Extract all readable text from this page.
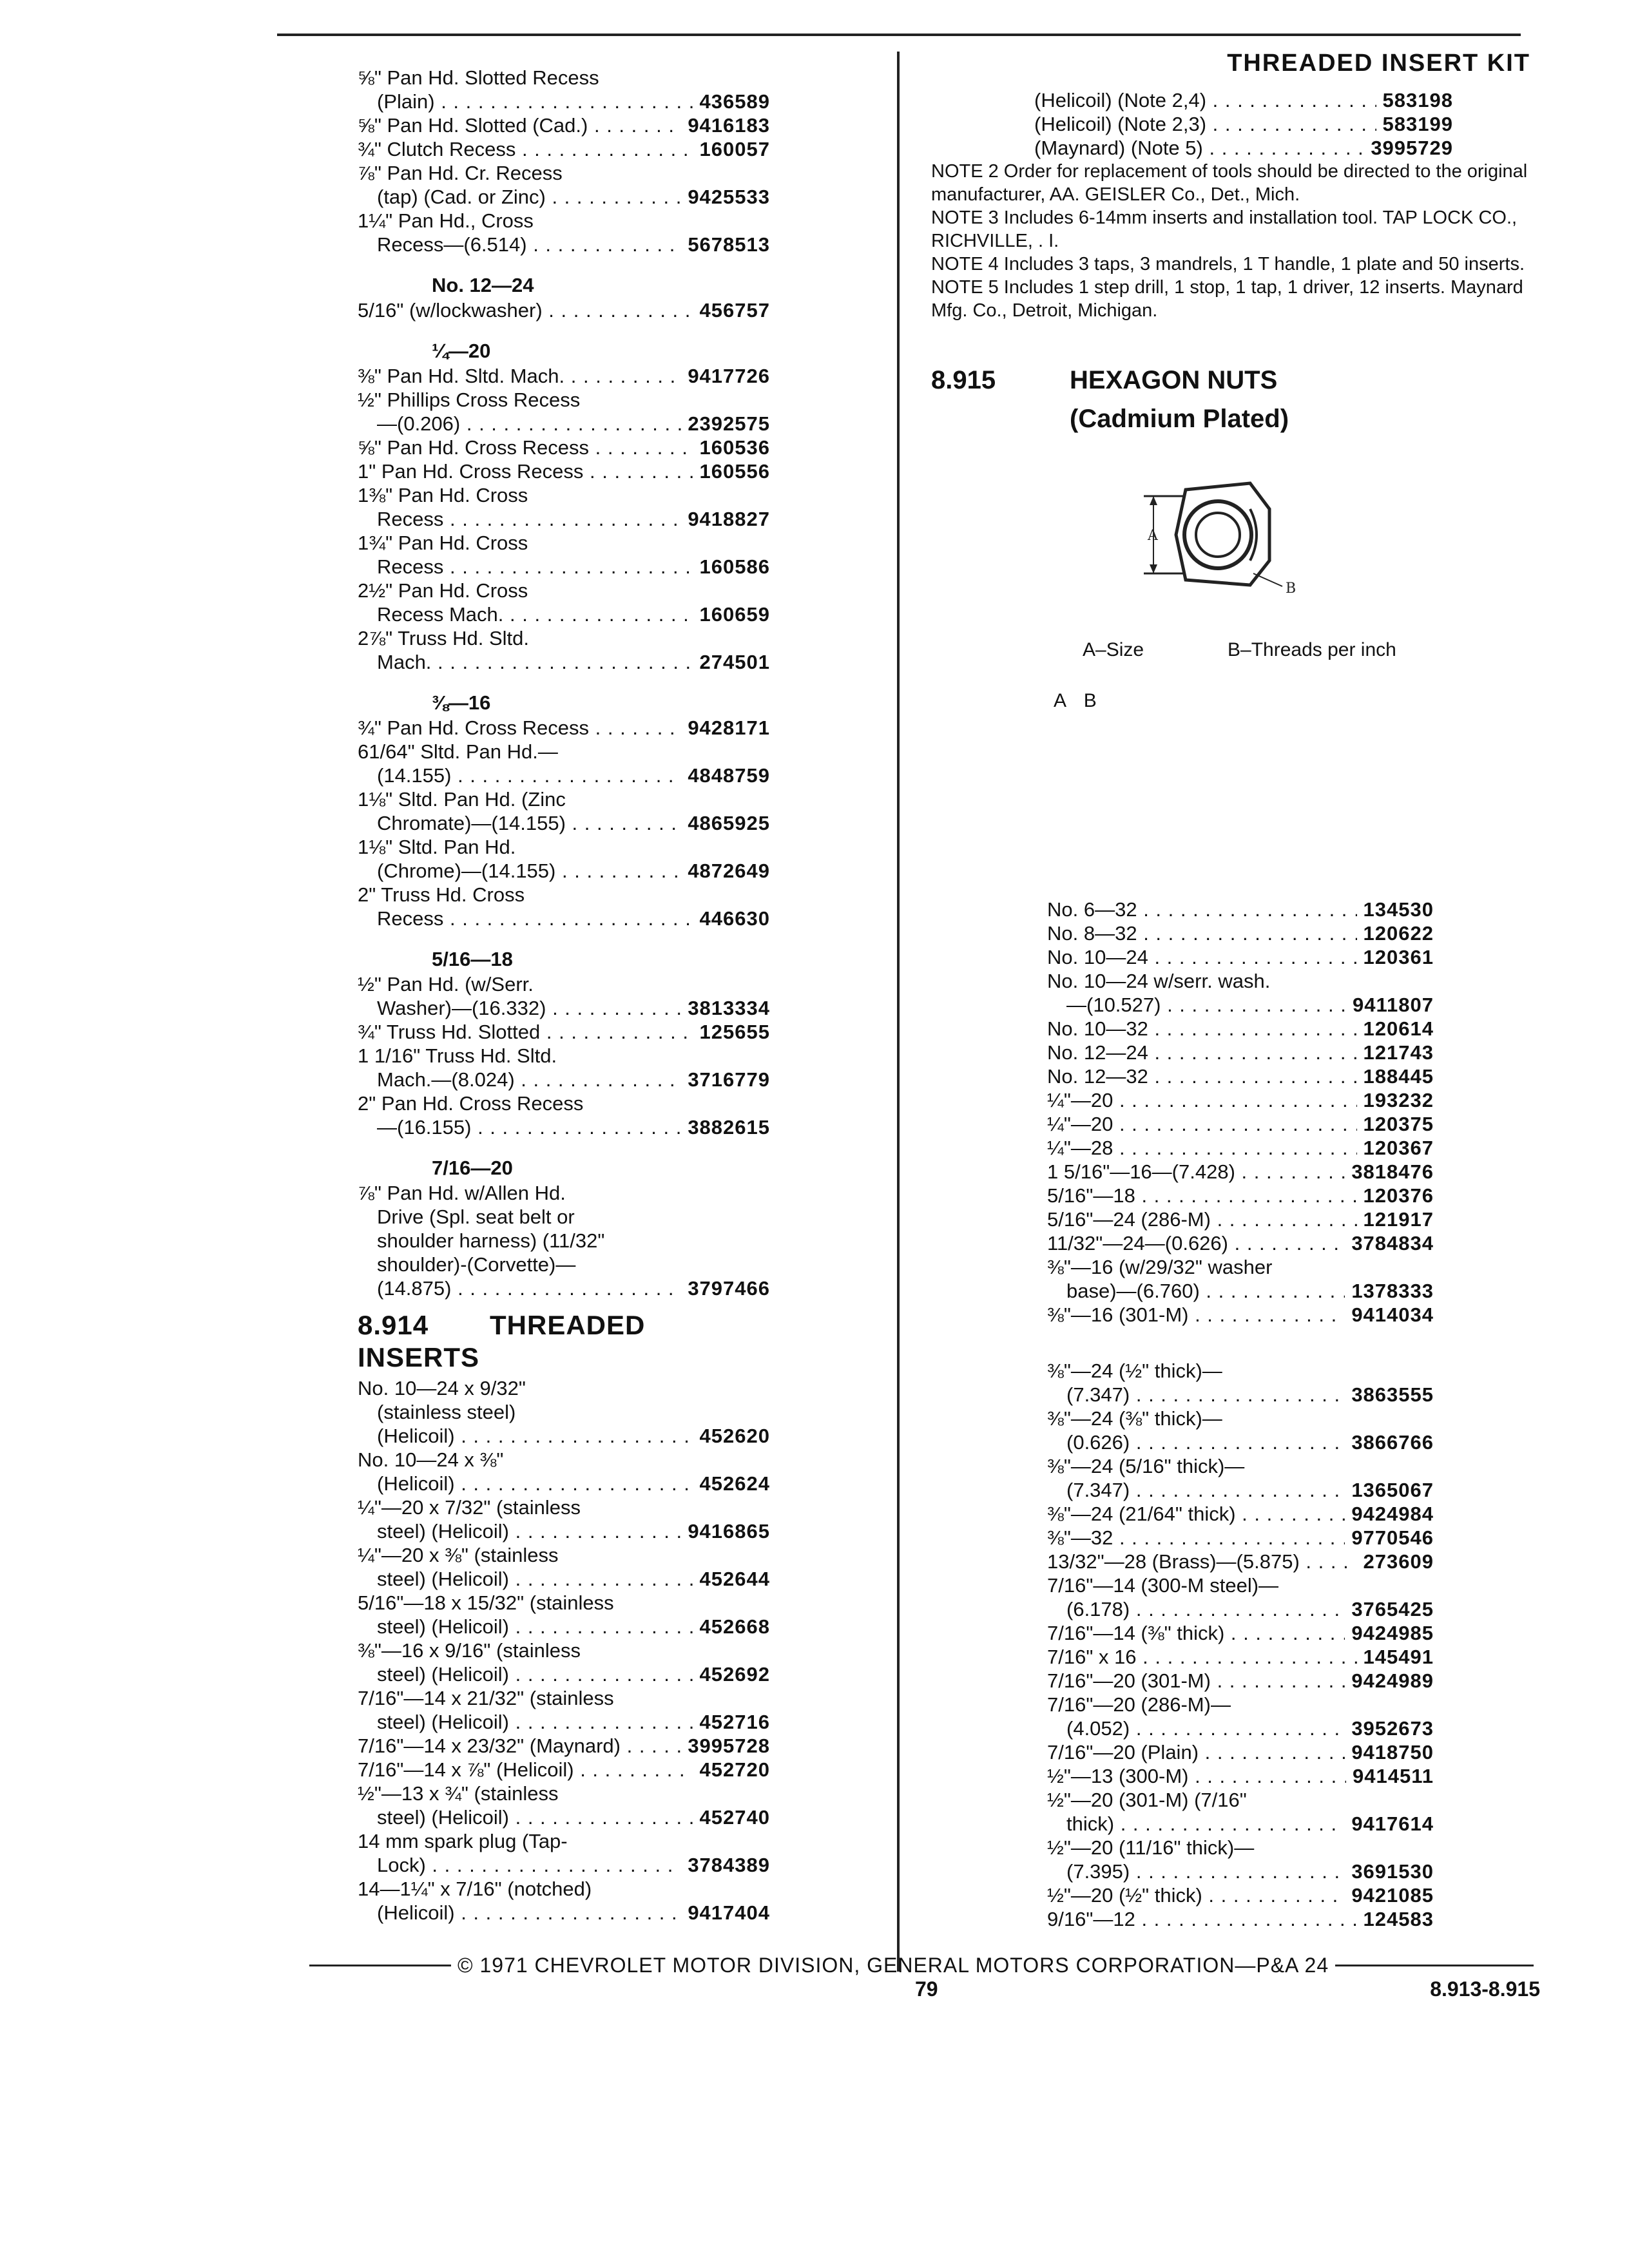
⅝" Pan Hd. Slotted Recess
(Plain) . . .	436589
⅝" Pan Hd. Slotted (Cad.) . . .	9416183
¾" Clutch Recess . . .	160057
⅞" Pan Hd. Cr. Recess
(tap) (Cad. or Zinc) . . .	9425533
1¼" Pan Hd., Cross
Recess—(6.514) . . .	5678513
No. 12—24
5/16" (w/lockwasher) . . .	456757
¼—20
⅜" Pan Hd. Sltd. Mach. . . .	9417726
½" Phillips Cross Recess
—(0.206) . . .	2392575
⅝" Pan Hd. Cross Recess . . .	160536
1" Pan Hd. Cross Recess . . .	160556
1⅜" Pan Hd. Cross
Recess . . .	9418827
1¾" Pan Hd. Cross
Recess . . .	160586
2½" Pan Hd. Cross
Recess Mach. . . .	160659
2⅞" Truss Hd. Sltd.
Mach. . . .	274501
⅜—16
¾" Pan Hd. Cross Recess . . .	9428171
61/64" Sltd. Pan Hd.—
(14.155) . . .	4848759
1⅛" Sltd. Pan Hd. (Zinc
Chromate)—(14.155) . . .	4865925
1⅛" Sltd. Pan Hd.
(Chrome)—(14.155) . . .	4872649
2" Truss Hd. Cross
Recess . . .	446630
5/16—18
½" Pan Hd. (w/Serr.
Washer)—(16.332) . . .	3813334
¾" Truss Hd. Slotted . . .	125655
1 1/16" Truss Hd. Sltd.
Mach.—(8.024) . . .	3716779
2" Pan Hd. Cross Recess
—(16.155) . . .	3882615
7/16—20
⅞" Pan Hd. w/Allen Hd.
Drive (Spl. seat belt or
shoulder harness) (11/32"
shoulder)-(Corvette)—
(14.875) . . .	3797466
8.914 THREADED INSERTS
No. 10—24 x 9/32"
(stainless steel)
(Helicoil) . . .	452620
No. 10—24 x ⅜"
(Helicoil) . . .	452624
¼"—20 x 7/32" (stainless
steel) (Helicoil) . . .	9416865
¼"—20 x ⅜" (stainless
steel) (Helicoil) . . .	452644
5/16"—18 x 15/32" (stainless
steel) (Helicoil) . . .	452668
⅜"—16 x 9/16" (stainless
steel) (Helicoil) . . .	452692
7/16"—14 x 21/32" (stainless
steel) (Helicoil) . . .	452716
7/16"—14 x 23/32" (Maynard) . . .	3995728
7/16"—14 x ⅞" (Helicoil) . . .	452720
½"—13 x ¾" (stainless
steel) (Helicoil) . . .	452740
14 mm spark plug (Tap-
Lock) . . .	3784389
14—1¼" x 7/16" (notched)
(Helicoil) . . .	9417404
THREADED INSERT KIT
(Helicoil) (Note 2,4) . . .	583198
(Helicoil) (Note 2,3) . . .	583199
(Maynard) (Note 5) . . .	3995729

NOTE 2 Order for replacement of tools should be directed to the original manufacturer, AA. GEISLER Co., Det., Mich.

NOTE 3 Includes 6-14mm inserts and installation tool. TAP LOCK CO., RICHVILLE, . I.

NOTE 4 Includes 3 taps, 3 mandrels, 1 T handle, 1 plate and 50 inserts.

NOTE 5 Includes 1 step drill, 1 stop, 1 tap, 1 driver, 12 inserts. Maynard Mfg. Co., Detroit, Michigan.

8.915	HEXAGON NUTS
(Cadmium Plated)
A
B
A–Size	B–Threads per inch
A B
No. 6—32 . . .	134530
No. 8—32 . . .	120622
No. 10—24 . . .	120361
No. 10—24 w/serr. wash.
—(10.527) . . .	9411807
No. 10—32 . . .	120614
No. 12—24 . . .	121743
No. 12—32 . . .	188445
¼"—20 . . .	193232
¼"—20 . . .	120375
¼"—28 . . .	120367
1 5/16"—16—(7.428) . . .	3818476
5/16"—18 . . .	120376
5/16"—24 (286-M) . . .	121917
11/32"—24—(0.626) . . .	3784834
⅜"—16 (w/29/32" washer
base)—(6.760) . . .	1378333
⅜"—16 (301-M) . . .	9414034
⅜"—24 (½" thick)—
(7.347) . . .	3863555
⅜"—24 (⅜" thick)—
(0.626) . . .	3866766
⅜"—24 (5/16" thick)—
(7.347) . . .	1365067
⅜"—24 (21/64" thick) . . .	9424984
⅜"—32 . . .	9770546
13/32"—28 (Brass)—(5.875) . . .	273609
7/16"—14 (300-M steel)—
(6.178) . . .	3765425
7/16"—14 (⅜" thick) . . .	9424985
7/16" x 16 . . .	145491
7/16"—20 (301-M) . . .	9424989
7/16"—20 (286-M)—
(4.052) . . .	3952673
7/16"—20 (Plain) . . .	9418750
½"—13 (300-M) . . .	9414511
½"—20 (301-M) (7/16"
thick) . . .	9417614
½"—20 (11/16" thick)—
(7.395) . . .	3691530
½"—20 (½" thick) . . .	9421085
9/16"—12 . . .	124583
© 1971 CHEVROLET MOTOR DIVISION, GENERAL MOTORS CORPORATION—P&A 24
79	8.913-8.915
